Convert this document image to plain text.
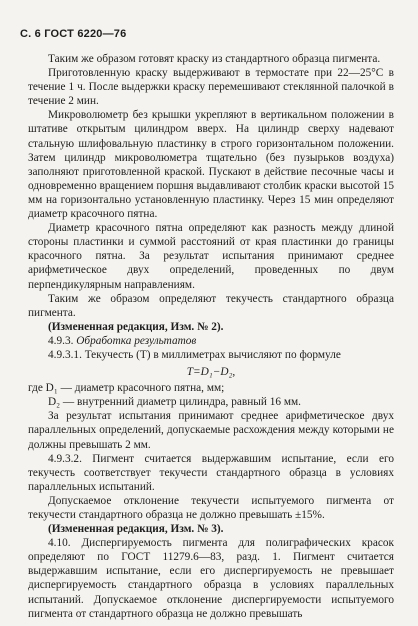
С. 6 ГОСТ 6220—76

Таким же образом готовят краску из стандартного образца пигмента.

Приготовленную краску выдерживают в термостате при 22—25°С в течение 1 ч. После выдержки краску перемешивают стеклянной палочкой в течение 2 мин.

Микроволюметр без крышки укрепляют в вертикальном положении в штативе открытым цилиндром вверх. На цилиндр сверху надевают стальную шлифовальную пластинку в строго горизонтальном положении. Затем цилиндр микроволюметра тщательно (без пузырьков воздуха) заполняют приготовленной краской. Пускают в действие песочные часы и одновременно вращением поршня выдавливают столбик краски высотой 15 мм на горизонтально установленную пластинку. Через 15 мин определяют диаметр красочного пятна.

Диаметр красочного пятна определяют как разность между длиной стороны пластинки и суммой расстояний от края пластинки до границы красочного пятна. За результат испытания принимают среднее арифметическое двух определений, проведенных по двум перпендикулярным направлениям.

Таким же образом определяют текучесть стандартного образца пигмента.

(Измененная редакция, Изм. № 2).

4.9.3. Обработка результатов

4.9.3.1. Текучесть (T) в миллиметрах вычисляют по формуле

T=D₁−D₂,

где D₁ — диаметр красочного пятна, мм;

D₂ — внутренний диаметр цилиндра, равный 16 мм.

За результат испытания принимают среднее арифметическое двух параллельных определений, допускаемые расхождения между которыми не должны превышать 2 мм.

4.9.3.2. Пигмент считается выдержавшим испытание, если его текучесть соответствует текучести стандартного образца в условиях параллельных испытаний.

Допускаемое отклонение текучести испытуемого пигмента от текучести стандартного образца не должно превышать ±15%.

(Измененная редакция, Изм. № 3).

4.10. Диспергируемость пигмента для полиграфических красок определяют по ГОСТ 11279.6—83, разд. 1. Пигмент считается выдержавшим испытание, если его диспергируемость не превышает диспергируемость стандартного образца в условиях параллельных испытаний. Допускаемое отклонение диспергируемости испытуемого пигмента от стандартного образца не должно превышать
